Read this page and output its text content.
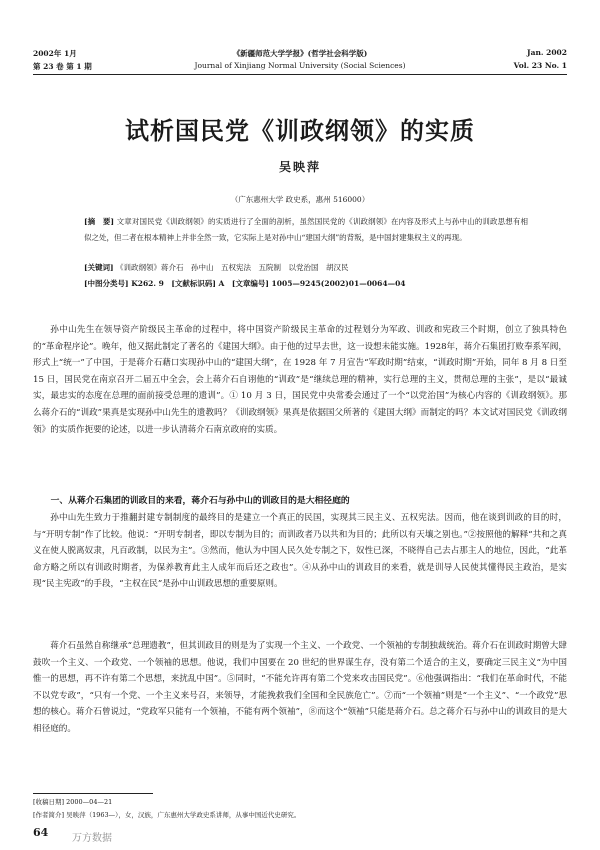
2002年 1月
第 23 卷 第 1 期
《新疆师范大学学报》(哲学社会科学版)
Journal of Xinjiang Normal University (Social Sciences)
Jan. 2002
Vol. 23 No. 1
试析国民党《训政纲领》的实质
吴映萍
（广东惠州大学 政史系，惠州 516000）
[摘　要] 文章对国民党《训政纲领》的实质进行了全面的剖析，虽然国民党的《训政纲领》在内容及形式上与孙中山的训政思想有相似之处，但二者在根本精神上并非全然一致，它实际上是对孙中山“建国大纲”的背叛，是中国封建集权主义的再现。
[关键词] 《训政纲领》蒋介石　孙中山　五权宪法　五院制　以党治国　胡汉民
[中图分类号] K262. 9　[文献标识码] A　[文章编号] 1005—9245(2002)01—0064—04
孙中山先生在领导资产阶级民主革命的过程中，将中国资产阶级民主革命的过程划分为军政、训政和宪政三个时期，创立了独具特色的“革命程序论”。晚年，他又据此制定了著名的《建国大纲》。由于他的过早去世，这一设想未能实施。1928年，蒋介石集团打败奉系军阀，形式上“统一”了中国，于是蒋介石藉口实现孙中山的“建国大纲”，在 1928 年 7 月宣告“军政时期”结束，“训政时期”开始，同年 8 月 8 日至 15 日，国民党在南京召开二届五中全会，会上蒋介石自诩他的“训政”是“继续总理的精神，实行总理的主义，贯彻总理的主张”，是以“最诚实，最忠实的态度在总理的面前接受总理的遗训”。① 10 月 3 日，国民党中央常委会通过了一个“以党治国”为核心内容的《训政纲领》。那么蒋介石的“训政”果真是实现孙中山先生的遗教吗？《训政纲领》果真是依据国父所著的《建国大纲》而制定的吗？本文试对国民党《训政纲领》的实质作扼要的论述，以进一步认清蒋介石南京政府的实质。
一、从蒋介石集团的训政目的来看，蒋介石与孙中山的训政目的是大相径庭的
孙中山先生致力于推翻封建专制制度的最终目的是建立一个真正的民国，实现其三民主义、五权宪法。因而，他在谈到训政的目的时，与“开明专制”作了比较。他说：“开明专制者，即以专制为目的；而训政者乃以共和为目的；此所以有天壤之别也。”②按照他的解释“共和之真义在使人脱离奴隶，凡百政制，以民为主”。③然而，他认为中国人民久处专制之下，奴性已深，不晓得自己去占那主人的地位，因此，“此革命方略之所以有训政时期者，为保养教育此主人成年而后还之政也”。④从孙中山的训政目的来看，就是训导人民使其懂得民主政治，是实现“民主宪政”的手段，“主权在民”是孙中山训政思想的重要原则。
蒋介石虽然自称继承“总理遗教”，但其训政目的则是为了实现一个主义、一个政党、一个领袖的专制独裁统治。蒋介石在训政时期曾大肆鼓吹一个主义、一个政党、一个领袖的思想。他说，我们中国要在 20 世纪的世界谋生存，没有第二个适合的主义，要确定三民主义“为中国惟一的思想，再不许有第二个思想，来扰乱中国”。⑤同时，“不能允许再有第二个党来攻击国民党”。⑥他强调指出：“我们在革命时代，不能不以党专政”，“只有一个党、一个主义来号召，来领导，才能挽救我们全国和全民族危亡”。⑦而“一个领袖”则是“一个主义”、“一个政党”思想的核心。蒋介石曾说过，“党政军只能有一个领袖，不能有两个领袖”，⑧而这个“领袖”只能是蒋介石。总之蒋介石与孙中山的训政目的是大相径庭的。
[收稿日期] 2000—04—21
[作者简介] 吴映萍（1963—），女，汉族，广东惠州大学政史系讲师，从事中国近代史研究。
64 万方数据
